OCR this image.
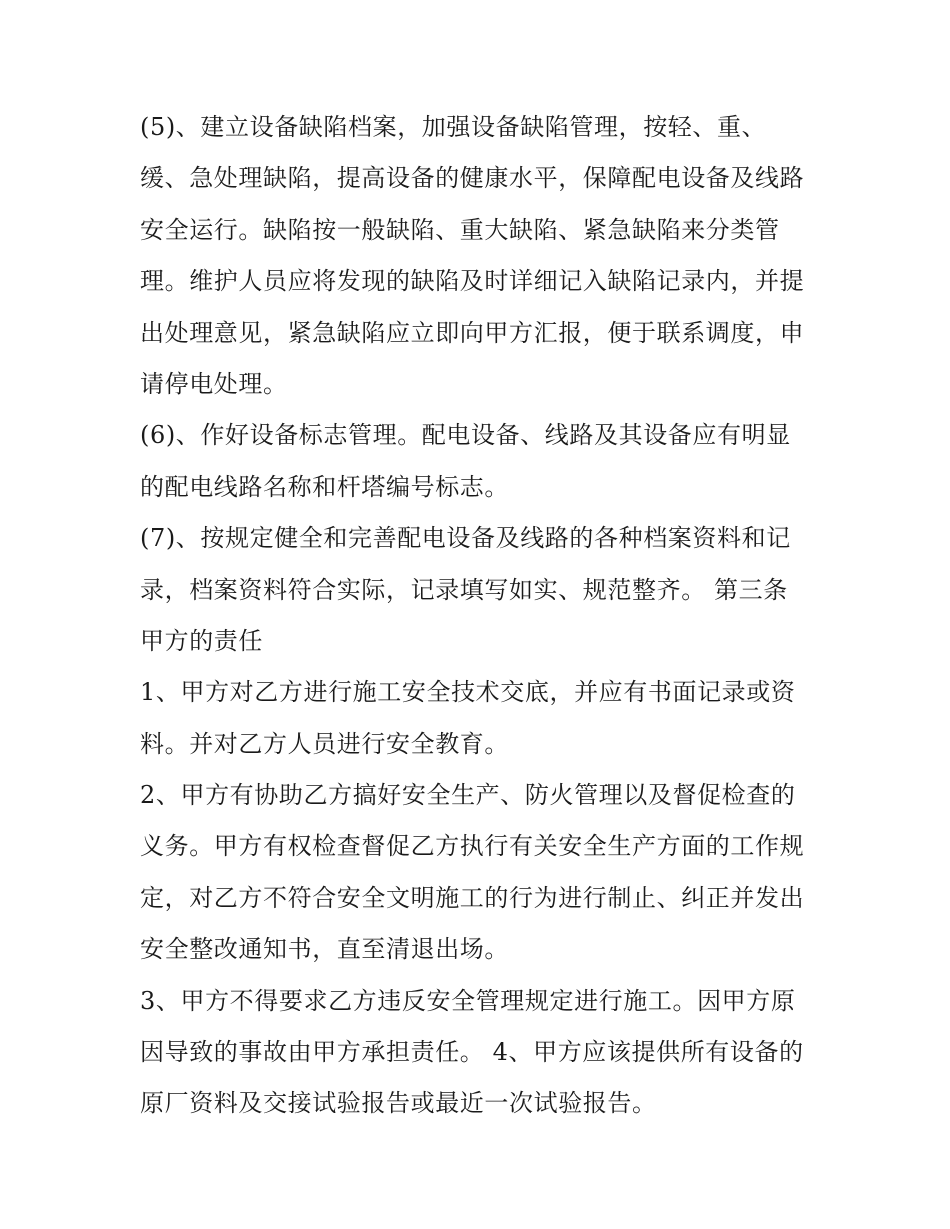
(5)、建立设备缺陷档案，加强设备缺陷管理，按轻、重、
缓、急处理缺陷，提高设备的健康水平，保障配电设备及线路
安全运行。缺陷按一般缺陷、重大缺陷、紧急缺陷来分类管
理。维护人员应将发现的缺陷及时详细记入缺陷记录内，并提
出处理意见，紧急缺陷应立即向甲方汇报，便于联系调度，申
请停电处理。
(6)、作好设备标志管理。配电设备、线路及其设备应有明显
的配电线路名称和杆塔编号标志。
(7)、按规定健全和完善配电设备及线路的各种档案资料和记
录，档案资料符合实际，记录填写如实、规范整齐。 第三条
甲方的责任
1、甲方对乙方进行施工安全技术交底，并应有书面记录或资
料。并对乙方人员进行安全教育。
2、甲方有协助乙方搞好安全生产、防火管理以及督促检查的
义务。甲方有权检查督促乙方执行有关安全生产方面的工作规
定，对乙方不符合安全文明施工的行为进行制止、纠正并发出
安全整改通知书，直至清退出场。
3、甲方不得要求乙方违反安全管理规定进行施工。因甲方原
因导致的事故由甲方承担责任。 4、甲方应该提供所有设备的
原厂资料及交接试验报告或最近一次试验报告。
